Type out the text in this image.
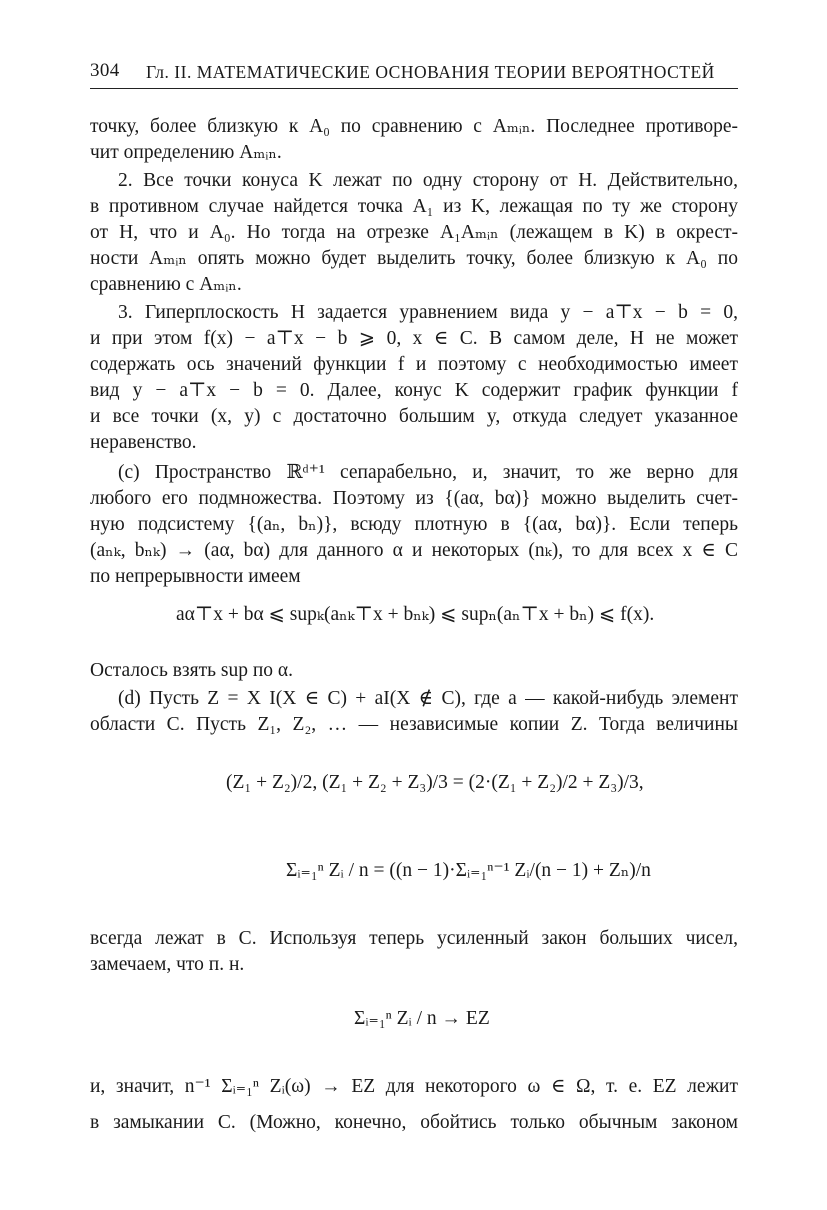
304 Гл. II. МАТЕМАТИЧЕСКИЕ ОСНОВАНИЯ ТЕОРИИ ВЕРОЯТНОСТЕЙ
точку, более близкую к A₀ по сравнению с Aₘᵢₙ. Последнее противоре-
чит определению Aₘᵢₙ.
2. Все точки конуса K лежат по одну сторону от H. Действительно,
в противном случае найдется точка A₁ из K, лежащая по ту же сторону
от H, что и A₀. Но тогда на отрезке A₁Aₘᵢₙ (лежащем в K) в окрест-
ности Aₘᵢₙ опять можно будет выделить точку, более близкую к A₀ по
сравнению с Aₘᵢₙ.
3. Гиперплоскость H задается уравнением вида y − a⊤x − b = 0,
и при этом f(x) − a⊤x − b ⩾ 0, x ∈ C. В самом деле, H не может
содержать ось значений функции f и поэтому с необходимостью имеет
вид y − a⊤x − b = 0. Далее, конус K содержит график функции f
и все точки (x, y) с достаточно большим y, откуда следует указанное
неравенство.
(c) Пространство ℝᵈ⁺¹ сепарабельно, и, значит, то же верно для
любого его подмножества. Поэтому из {(aα, bα)} можно выделить счет-
ную подсистему {(aₙ, bₙ)}, всюду плотную в {(aα, bα)}. Если теперь
(aₙₖ, bₙₖ) → (aα, bα) для данного α и некоторых (nₖ), то для всех x ∈ C
по непрерывности имеем
aα⊤x + bα ⩽ supₖ(aₙₖ⊤x + bₙₖ) ⩽ supₙ(aₙ⊤x + bₙ) ⩽ f(x).
Осталось взять sup по α.
(d) Пусть Z = X I(X ∈ C) + aI(X ∉ C), где a — какой-нибудь элемент
области C. Пусть Z₁, Z₂, … — независимые копии Z. Тогда величины
(Z₁ + Z₂)/2, (Z₁ + Z₂ + Z₃)/3 = (2·(Z₁ + Z₂)/2 + Z₃)/3,
Σᵢ₌₁ⁿ Zᵢ / n = ((n − 1)·Σᵢ₌₁ⁿ⁻¹ Zᵢ/(n − 1) + Zₙ)/n
всегда лежат в C. Используя теперь усиленный закон больших чисел,
замечаем, что п. н.
Σᵢ₌₁ⁿ Zᵢ / n → EZ
и, значит, n⁻¹ Σᵢ₌₁ⁿ Zᵢ(ω) → EZ для некоторого ω ∈ Ω, т. е. EZ лежит
в замыкании C. (Можно, конечно, обойтись только обычным законом
